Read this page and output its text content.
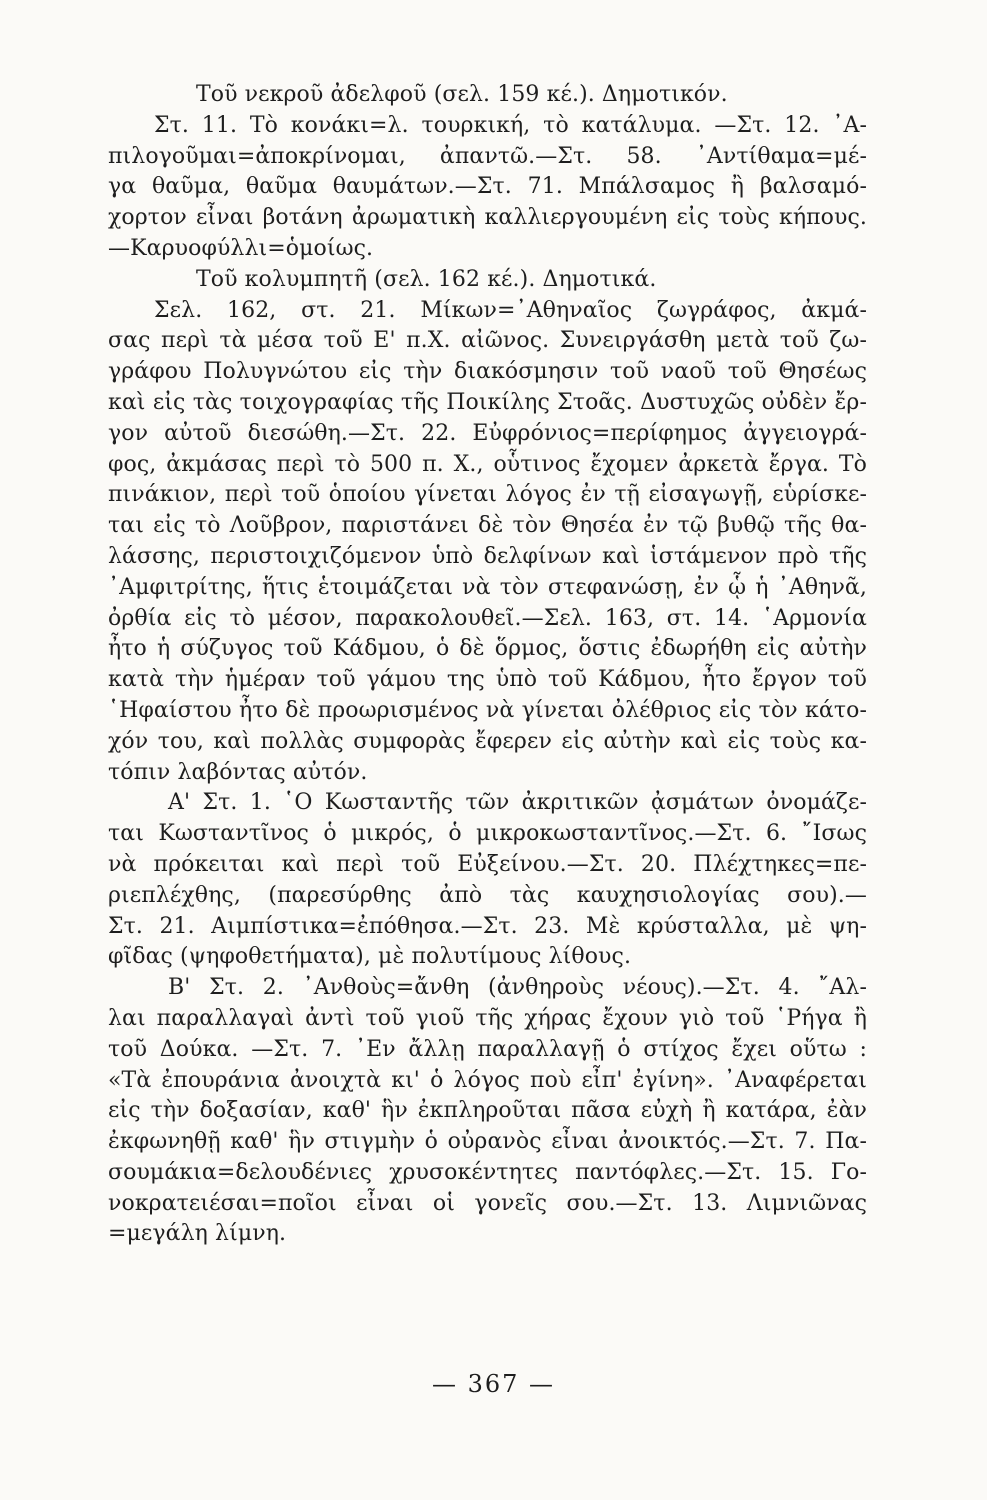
Τοῦ νεκροῦ ἀδελφοῦ (σελ. 159 κέ.). Δημοτικόν.
Στ. 11. Τὸ κονάκι=λ. τουρκική, τὸ κατάλυμα. —Στ. 12. ᾿Α-
πιλογοῦμαι=ἀποκρίνομαι, ἀπαντῶ.—Στ. 58. ᾿Αντίθαμα=μέ-
γα θαῦμα, θαῦμα θαυμάτων.—Στ. 71. Μπάλσαμος ἢ βαλσαμό-
χορτον εἶναι βοτάνη ἀρωματικὴ καλλιεργουμένη εἰς τοὺς κήπους.
—Καρυοφύλλι=ὁμοίως.
Τοῦ κολυμπητῆ (σελ. 162 κέ.). Δημοτικά.
Σελ. 162, στ. 21. Μίκων=᾿Αθηναῖος ζωγράφος, ἀκμά-
σας περὶ τὰ μέσα τοῦ Ε' π.Χ. αἰῶνος. Συνειργάσθη μετὰ τοῦ ζω-
γράφου Πολυγνώτου εἰς τὴν διακόσμησιν τοῦ ναοῦ τοῦ Θησέως
καὶ εἰς τὰς τοιχογραφίας τῆς Ποικίλης Στοᾶς. Δυστυχῶς οὐδὲν ἔρ-
γον αὐτοῦ διεσώθη.—Στ. 22. Εὐφρόνιος=περίφημος ἀγγειογρά-
φος, ἀκμάσας περὶ τὸ 500 π. Χ., οὗτινος ἔχομεν ἀρκετὰ ἔργα. Τὸ
πινάκιον, περὶ τοῦ ὁποίου γίνεται λόγος ἐν τῇ εἰσαγωγῇ, εὑρίσκε-
ται εἰς τὸ Λοῦβρον, παριστάνει δὲ τὸν Θησέα ἐν τῷ βυθῷ τῆς θα-
λάσσης, περιστοιχιζόμενον ὑπὸ δελφίνων καὶ ἱστάμενον πρὸ τῆς
᾿Αμφιτρίτης, ἥτις ἑτοιμάζεται νὰ τὸν στεφανώσῃ, ἐν ᾧ ἡ ᾿Αθηνᾶ,
ὀρθία εἰς τὸ μέσον, παρακολουθεῖ.—Σελ. 163, στ. 14. ῾Αρμονία
ἦτο ἡ σύζυγος τοῦ Κάδμου, ὁ δὲ ὅρμος, ὅστις ἐδωρήθη εἰς αὐτὴν
κατὰ τὴν ἡμέραν τοῦ γάμου της ὑπὸ τοῦ Κάδμου, ἦτο ἔργον τοῦ
῾Ηφαίστου ἦτο δὲ προωρισμένος νὰ γίνεται ὀλέθριος εἰς τὸν κάτο-
χόν του, καὶ πολλὰς συμφορὰς ἔφερεν εἰς αὐτὴν καὶ εἰς τοὺς κα-
τόπιν λαβόντας αὐτόν.
Α' Στ. 1. ῾Ο Κωσταντῆς τῶν ἀκριτικῶν ᾀσμάτων ὀνομάζε-
ται Κωσταντῖνος ὁ μικρός, ὁ μικροκωσταντῖνος.—Στ. 6. ῎Ισως
νὰ πρόκειται καὶ περὶ τοῦ Εὐξείνου.—Στ. 20. Πλέχτηκες=πε-
ριεπλέχθης, (παρεσύρθης ἀπὸ τὰς καυχησιολογίας σου).—
Στ. 21. Αιμπίστικα=ἐπόθησα.—Στ. 23. Μὲ κρύσταλλα, μὲ ψη-
φῖδας (ψηφοθετήματα), μὲ πολυτίμους λίθους.
Β' Στ. 2. ᾿Ανθοὺς=ἄνθη (ἀνθηροὺς νέους).—Στ. 4. ῎Αλ-
λαι παραλλαγαὶ ἀντὶ τοῦ γιοῦ τῆς χήρας ἔχουν γιὸ τοῦ ῾Ρήγα ἢ
τοῦ Δούκα. —Στ. 7. ᾿Εν ἄλλῃ παραλλαγῇ ὁ στίχος ἔχει οὕτω :
«Τὰ ἐπουράνια ἀνοιχτὰ κι' ὁ λόγος ποὺ εἶπ' ἐγίνη». ᾿Αναφέρεται
εἰς τὴν δοξασίαν, καθ' ἣν ἐκπληροῦται πᾶσα εὐχὴ ἢ κατάρα, ἐὰν
ἐκφωνηθῇ καθ' ἣν στιγμὴν ὁ οὐρανὸς εἶναι ἀνοικτός.—Στ. 7. Πα-
σουμάκια=δελουδένιες χρυσοκέντητες παντόφλες.—Στ. 15. Γο-
νοκρατειέσαι=ποῖοι εἶναι οἱ γονεῖς σου.—Στ. 13. Λιμνιῶνας
=μεγάλη λίμνη.
— 367 —
